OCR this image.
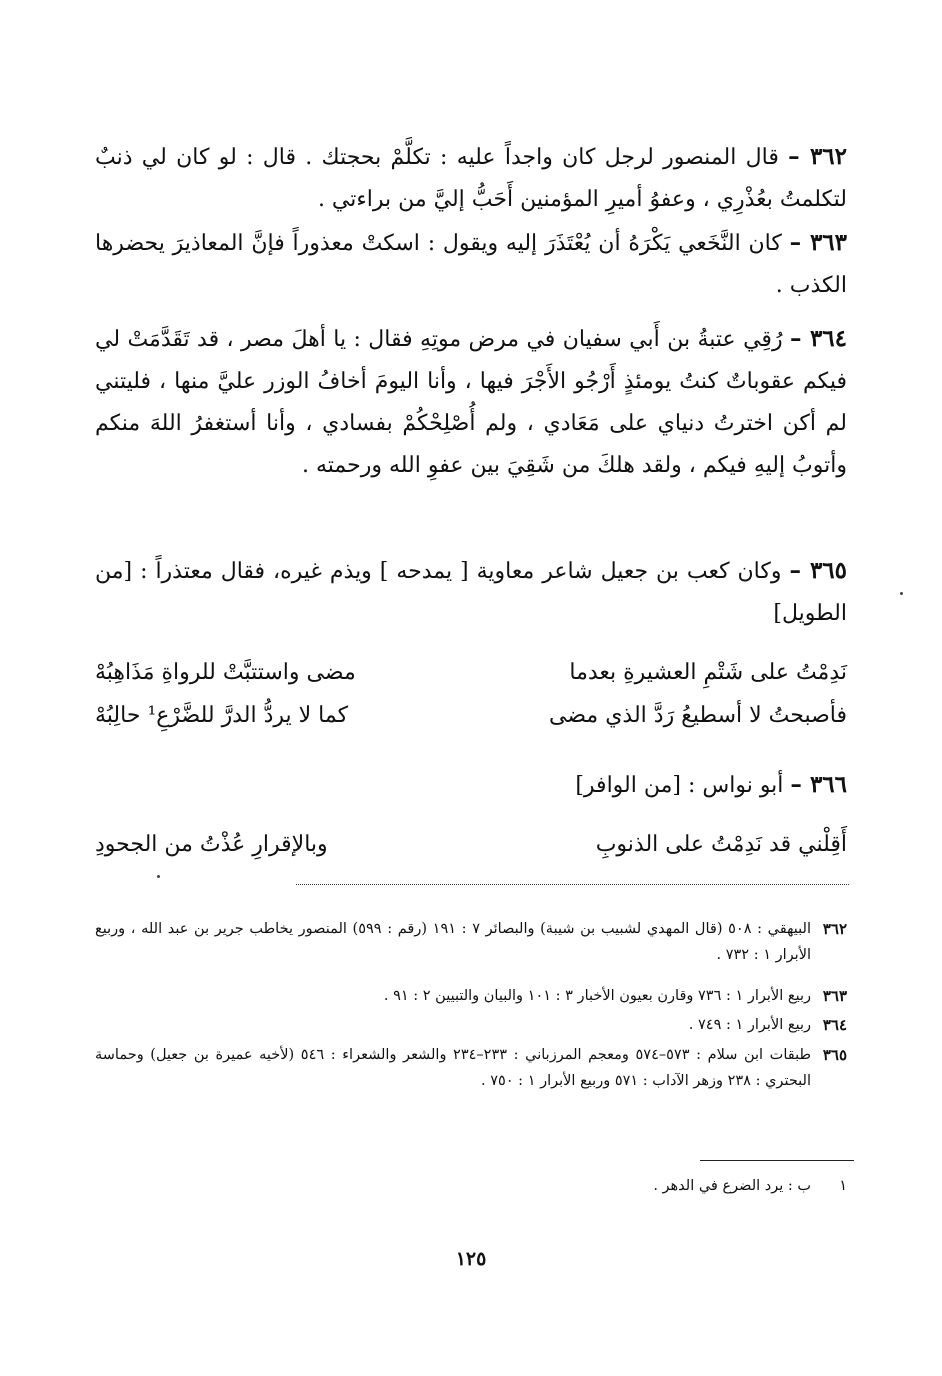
٣٦٢ – قال المنصور لرجل كان واجداً عليه : تكلَّمْ بحجتك . قال : لو كان لي ذنبٌ لتكلمتُ بعُذْرِي ، وعفوُ أميرِ المؤمنين أَحَبُّ إليَّ من براءتي .

٣٦٣ – كان النَّخَعي يَكْرَهُ أن يُعْتَذَرَ إليه ويقول : اسكتْ معذوراً فإنَّ المعاذيرَ يحضرها الكذب .

٣٦٤ – رُقِي عتبةُ بن أَبي سفيان في مرض موتِهِ فقال : يا أهلَ مصر ، قد تَقَدَّمَتْ لي فيكم عقوباتٌ كنتُ يومئذٍ أَرْجُو الأَجْرَ فيها ، وأنا اليومَ أخافُ الوزر عليَّ منها ، فليتني لم أكن اخترتُ دنياي على مَعَادي ، ولم أُصْلِحْكُمْ بفسادي ، وأنا أستغفرُ اللهَ منكم وأتوبُ إليهِ فيكم ، ولقد هلكَ من شَقِيَ بين عفوِ الله ورحمته .

٣٦٥ – وكان كعب بن جعيل شاعر معاوية [ يمدحه ] ويذم غيره، فقال معتذراً : [من الطويل]

نَدِمْتُ على شَتْمِ العشيرةِ بعدما
مضى واستتبَّتْ للرواةِ مَذَاهِبُهْ
فأصبحتُ لا أسطيعُ رَدَّ الذي مضى
كما لا يردُّ الدرَّ للضَّرْعِ¹ حالِبُهْ

٣٦٦ – أبو نواس : [من الوافر]

أَقِلْني قد نَدِمْتُ على الذنوبِ
وبالإقرارِ عُذْتُ من الجحودِ
٣٦٢
البيهقي : ٥٠٨ (قال المهدي لشبيب بن شيبة) والبصائر ٧ : ١٩١ (رقم : ٥٩٩) المنصور يخاطب جرير بن عبد الله ، وربيع الأبرار ١ : ٧٣٢ .
٣٦٣
ربيع الأبرار ١ : ٧٣٦ وقارن بعيون الأخبار ٣ : ١٠١ والبيان والتبيين ٢ : ٩١ .
٣٦٤
ربيع الأبرار ١ : ٧٤٩ .
٣٦٥
طبقات ابن سلام : ٥٧٣–٥٧٤ ومعجم المرزباني : ٢٣٣–٢٣٤ والشعر والشعراء : ٥٤٦ (لأخيه عميرة بن جعيل) وحماسة البحتري : ٢٣٨ وزهر الآداب : ٥٧١ وربيع الأبرار ١ : ٧٥٠ .
١
ب : يرد الضرع في الدهر .
١٢٥
